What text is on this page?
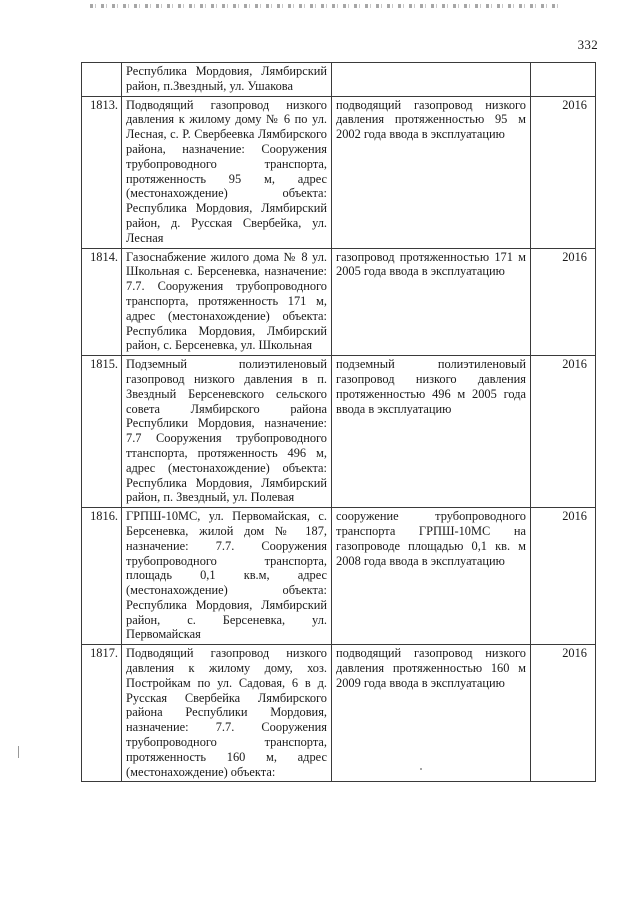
332
	Республика Мордовия, Лямбирский район, п.Звездный, ул. Ушакова		
1813.	Подводящий газопровод низкого давления к жилому дому № 6 по ул. Лесная, с. Р. Свербеевка Лямбирского района, назначение: Сооружения трубопроводного транспорта, протяженность 95 м, адрес (местонахождение) объекта: Республика Мордовия, Лямбирский район, д. Русская Свербейка, ул. Лесная	подводящий газопровод низкого давления протяженностью 95 м 2002 года ввода в эксплуатацию	2016
1814.	Газоснабжение жилого дома № 8 ул. Школьная с. Берсеневка, назначение: 7.7. Сооружения трубопроводного транспорта, протяженность 171 м, адрес (местонахождение) объекта: Республика Мордовия, Лмбирский район, с. Берсеневка, ул. Школьная	газопровод протяженностью 171 м 2005 года ввода в эксплуатацию	2016
1815.	Подземный полиэтиленовый газопровод низкого давления в п. Звездный Берсеневского сельского совета Лямбирского района Республики Мордовия, назначение: 7.7 Сооружения трубопроводного ттанспорта, протяженность 496 м, адрес (местонахождение) объекта: Республика Мордовия, Лямбирский район, п. Звездный, ул. Полевая	подземный полиэтиленовый газопровод низкого давления протяженностью 496 м 2005 года ввода в эксплуатацию	2016
1816.	ГРПШ-10МС, ул. Первомайская, с. Берсеневка, жилой дом № 187, назначение: 7.7. Сооружения трубопроводного транспорта, площадь 0,1 кв.м, адрес (местонахождение) объекта: Республика Мордовия, Лямбирский район, с. Берсеневка, ул. Первомайская	сооружение трубопроводного транспорта ГРПШ-10МС на газопроводе площадью 0,1 кв. м 2008 года ввода в эксплуатацию	2016
1817.	Подводящий газопровод низкого давления к жилому дому, хоз. Постройкам по ул. Садовая, 6 в д. Русская Свербейка Лямбирского района Республики Мордовия, назначение: 7.7. Сооружения трубопроводного транспорта, протяженность 160 м, адрес (местонахождение) объекта:	подводящий газопровод низкого давления протяженностью 160 м 2009 года ввода в эксплуатацию	2016
